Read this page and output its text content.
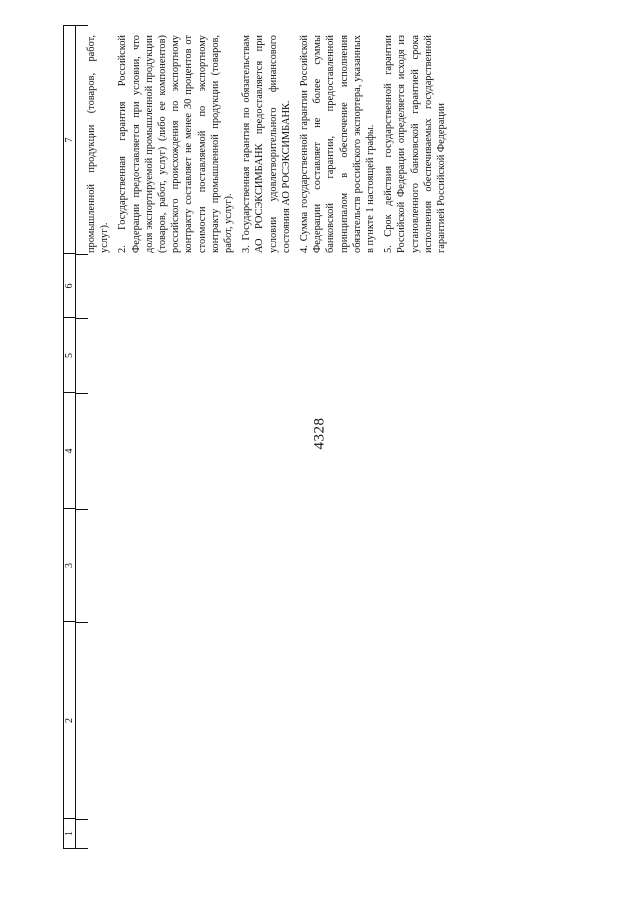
4328
1
2
3
4
5
6
7 промышленной продукции (товаров, работ, услуг). 2. Государственная гарантия Российской Федерации предоставляется при условии, что доля экспортируемой промышленной продукции (товаров, работ, услуг) (либо ее компонентов) российского происхождения по экспортному контракту составляет не менее 30 процентов от стоимости поставляемой по экспортному контракту промышленной продукции (товаров, работ, услуг). 3. Государственная гарантия по обязательствам АО РОСЭКСИМБАНК предоставляется при условии удовлетворительного финансового состояния АО РОСЭКСИМБАНК. 4. Сумма государственной гарантии Российской Федерации составляет не более суммы банковской гарантии, предоставленной принципалом в обеспечение исполнения обязательств российского экспортера, указанных в пункте 1 настоящей графы. 5. Срок действия государственной гарантии Российской Федерации определяется исходя из установленного банковской гарантией срока исполнения обеспечиваемых государственной гарантией Российской Федерации
